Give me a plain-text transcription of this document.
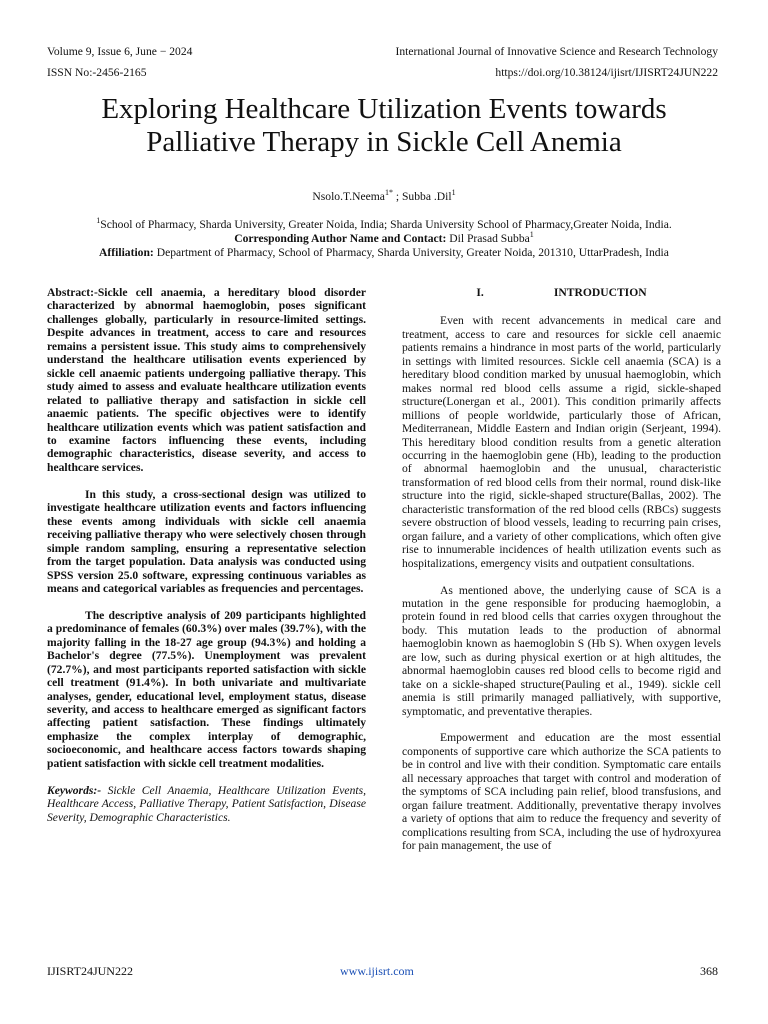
Volume 9, Issue 6, June − 2024	International Journal of Innovative Science and Research Technology
ISSN No:-2456-2165	https://doi.org/10.38124/ijisrt/IJISRT24JUN222
Exploring Healthcare Utilization Events towards
Palliative Therapy in Sickle Cell Anemia
Nsolo.T.Neema$^{1*}$ ; Subba .Dil$^1$
$^1$School of Pharmacy, Sharda University, Greater Noida, India; Sharda University School of Pharmacy,Greater Noida, India.
Corresponding Author Name and Contact: Dil Prasad Subba$^1$
Affiliation: Department of Pharmacy, School of Pharmacy, Sharda University, Greater Noida, 201310, UttarPradesh, India

Abstract:-Sickle cell anaemia, a hereditary blood disorder characterized by abnormal haemoglobin, poses significant challenges globally, particularly in resource-limited settings. Despite advances in treatment, access to care and resources remains a persistent issue. This study aims to comprehensively understand the healthcare utilisation events experienced by sickle cell anaemic patients undergoing palliative therapy. This study aimed to assess and evaluate healthcare utilization events related to palliative therapy and satisfaction in sickle cell anaemic patients. The specific objectives were to identify healthcare utilization events which was patient satisfaction and to examine factors influencing these events, including demographic characteristics, disease severity, and access to healthcare services.

In this study, a cross-sectional design was utilized to investigate healthcare utilization events and factors influencing these events among individuals with sickle cell anaemia receiving palliative therapy who were selectively chosen through simple random sampling, ensuring a representative selection from the target population. Data analysis was conducted using SPSS version 25.0 software, expressing continuous variables as means and categorical variables as frequencies and percentages.

The descriptive analysis of 209 participants highlighted a predominance of females (60.3%) over males (39.7%), with the majority falling in the 18-27 age group (94.3%) and holding a Bachelor's degree (77.5%). Unemployment was prevalent (72.7%), and most participants reported satisfaction with sickle cell treatment (91.4%). In both univariate and multivariate analyses, gender, educational level, employment status, disease severity, and access to healthcare emerged as significant factors affecting patient satisfaction. These findings ultimately emphasize the complex interplay of demographic, socioeconomic, and healthcare access factors towards shaping patient satisfaction with sickle cell treatment modalities.

Keywords:- Sickle Cell Anaemia, Healthcare Utilization Events, Healthcare Access, Palliative Therapy, Patient Satisfaction, Disease Severity, Demographic Characteristics.

I.	INTRODUCTION

Even with recent advancements in medical care and treatment, access to care and resources for sickle cell anaemic patients remains a hindrance in most parts of the world, particularly in settings with limited resources. Sickle cell anaemia (SCA) is a hereditary blood condition marked by unusual haemoglobin, which makes normal red blood cells assume a rigid, sickle-shaped structure(Lonergan et al., 2001). This condition primarily affects millions of people worldwide, particularly those of African, Mediterranean, Middle Eastern and Indian origin (Serjeant, 1994). This hereditary blood condition results from a genetic alteration occurring in the haemoglobin gene (Hb), leading to the production of abnormal haemoglobin and the unusual, characteristic transformation of red blood cells from their normal, round disk-like structure into the rigid, sickle-shaped structure(Ballas, 2002). The characteristic transformation of the red blood cells (RBCs) suggests severe obstruction of blood vessels, leading to recurring pain crises, organ failure, and a variety of other complications, which often give rise to innumerable incidences of health utilization events such as hospitalizations, emergency visits and outpatient consultations.

As mentioned above, the underlying cause of SCA is a mutation in the gene responsible for producing haemoglobin, a protein found in red blood cells that carries oxygen throughout the body. This mutation leads to the production of abnormal haemoglobin known as haemoglobin S (Hb S). When oxygen levels are low, such as during physical exertion or at high altitudes, the abnormal haemoglobin causes red blood cells to become rigid and take on a sickle-shaped structure(Pauling et al., 1949). sickle cell anemia is still primarily managed palliatively, with supportive, symptomatic, and preventative therapies.

Empowerment and education are the most essential components of supportive care which authorize the SCA patients to be in control and live with their condition. Symptomatic care entails all necessary approaches that target with control and moderation of the symptoms of SCA including pain relief, blood transfusions, and organ failure treatment. Additionally, preventative therapy involves a variety of options that aim to reduce the frequency and severity of complications resulting from SCA, including the use of hydroxyurea for pain management, the use of

IJISRT24JUN222	www.ijisrt.com	368
